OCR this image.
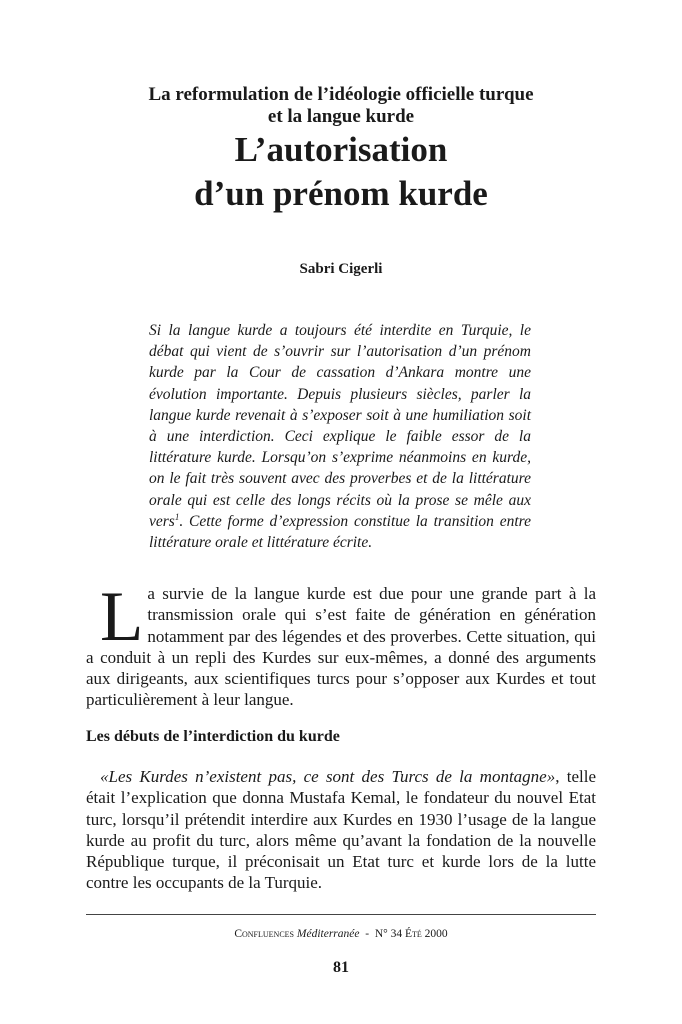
La reformulation de l’idéologie officielle turque
et la langue kurde
L’autorisation
d’un prénom kurde
Sabri Cigerli
Si la langue kurde a toujours été interdite en Turquie, le débat qui vient de s’ouvrir sur l’autorisation d’un prénom kurde par la Cour de cassation d’Ankara montre une évolution importante. Depuis plusieurs siècles, parler la langue kurde revenait à s’exposer soit à une humiliation soit à une interdiction. Ceci explique le faible essor de la littérature kurde. Lorsqu’on s’exprime néanmoins en kurde, on le fait très souvent avec des proverbes et de la littérature orale qui est celle des longs récits où la prose se mêle aux vers$^1$. Cette forme d’expression constitue la transition entre littérature orale et littérature écrite.
La survie de la langue kurde est due pour une grande part à la transmission orale qui s’est faite de génération en génération notamment par des légendes et des proverbes. Cette situation, qui a conduit à un repli des Kurdes sur eux-mêmes, a donné des arguments aux dirigeants, aux scientifiques turcs pour s’opposer aux Kurdes et tout particulièrement à leur langue.
Les débuts de l’interdiction du kurde
«Les Kurdes n’existent pas, ce sont des Turcs de la montagne», telle était l’explication que donna Mustafa Kemal, le fondateur du nouvel Etat turc, lorsqu’il prétendit interdire aux Kurdes en 1930 l’usage de la langue kurde au profit du turc, alors même qu’avant la fondation de la nouvelle République turque, il préconisait un Etat turc et kurde lors de la lutte contre les occupants de la Turquie.
Confluences Méditerranée - N° 34 Été 2000
81
